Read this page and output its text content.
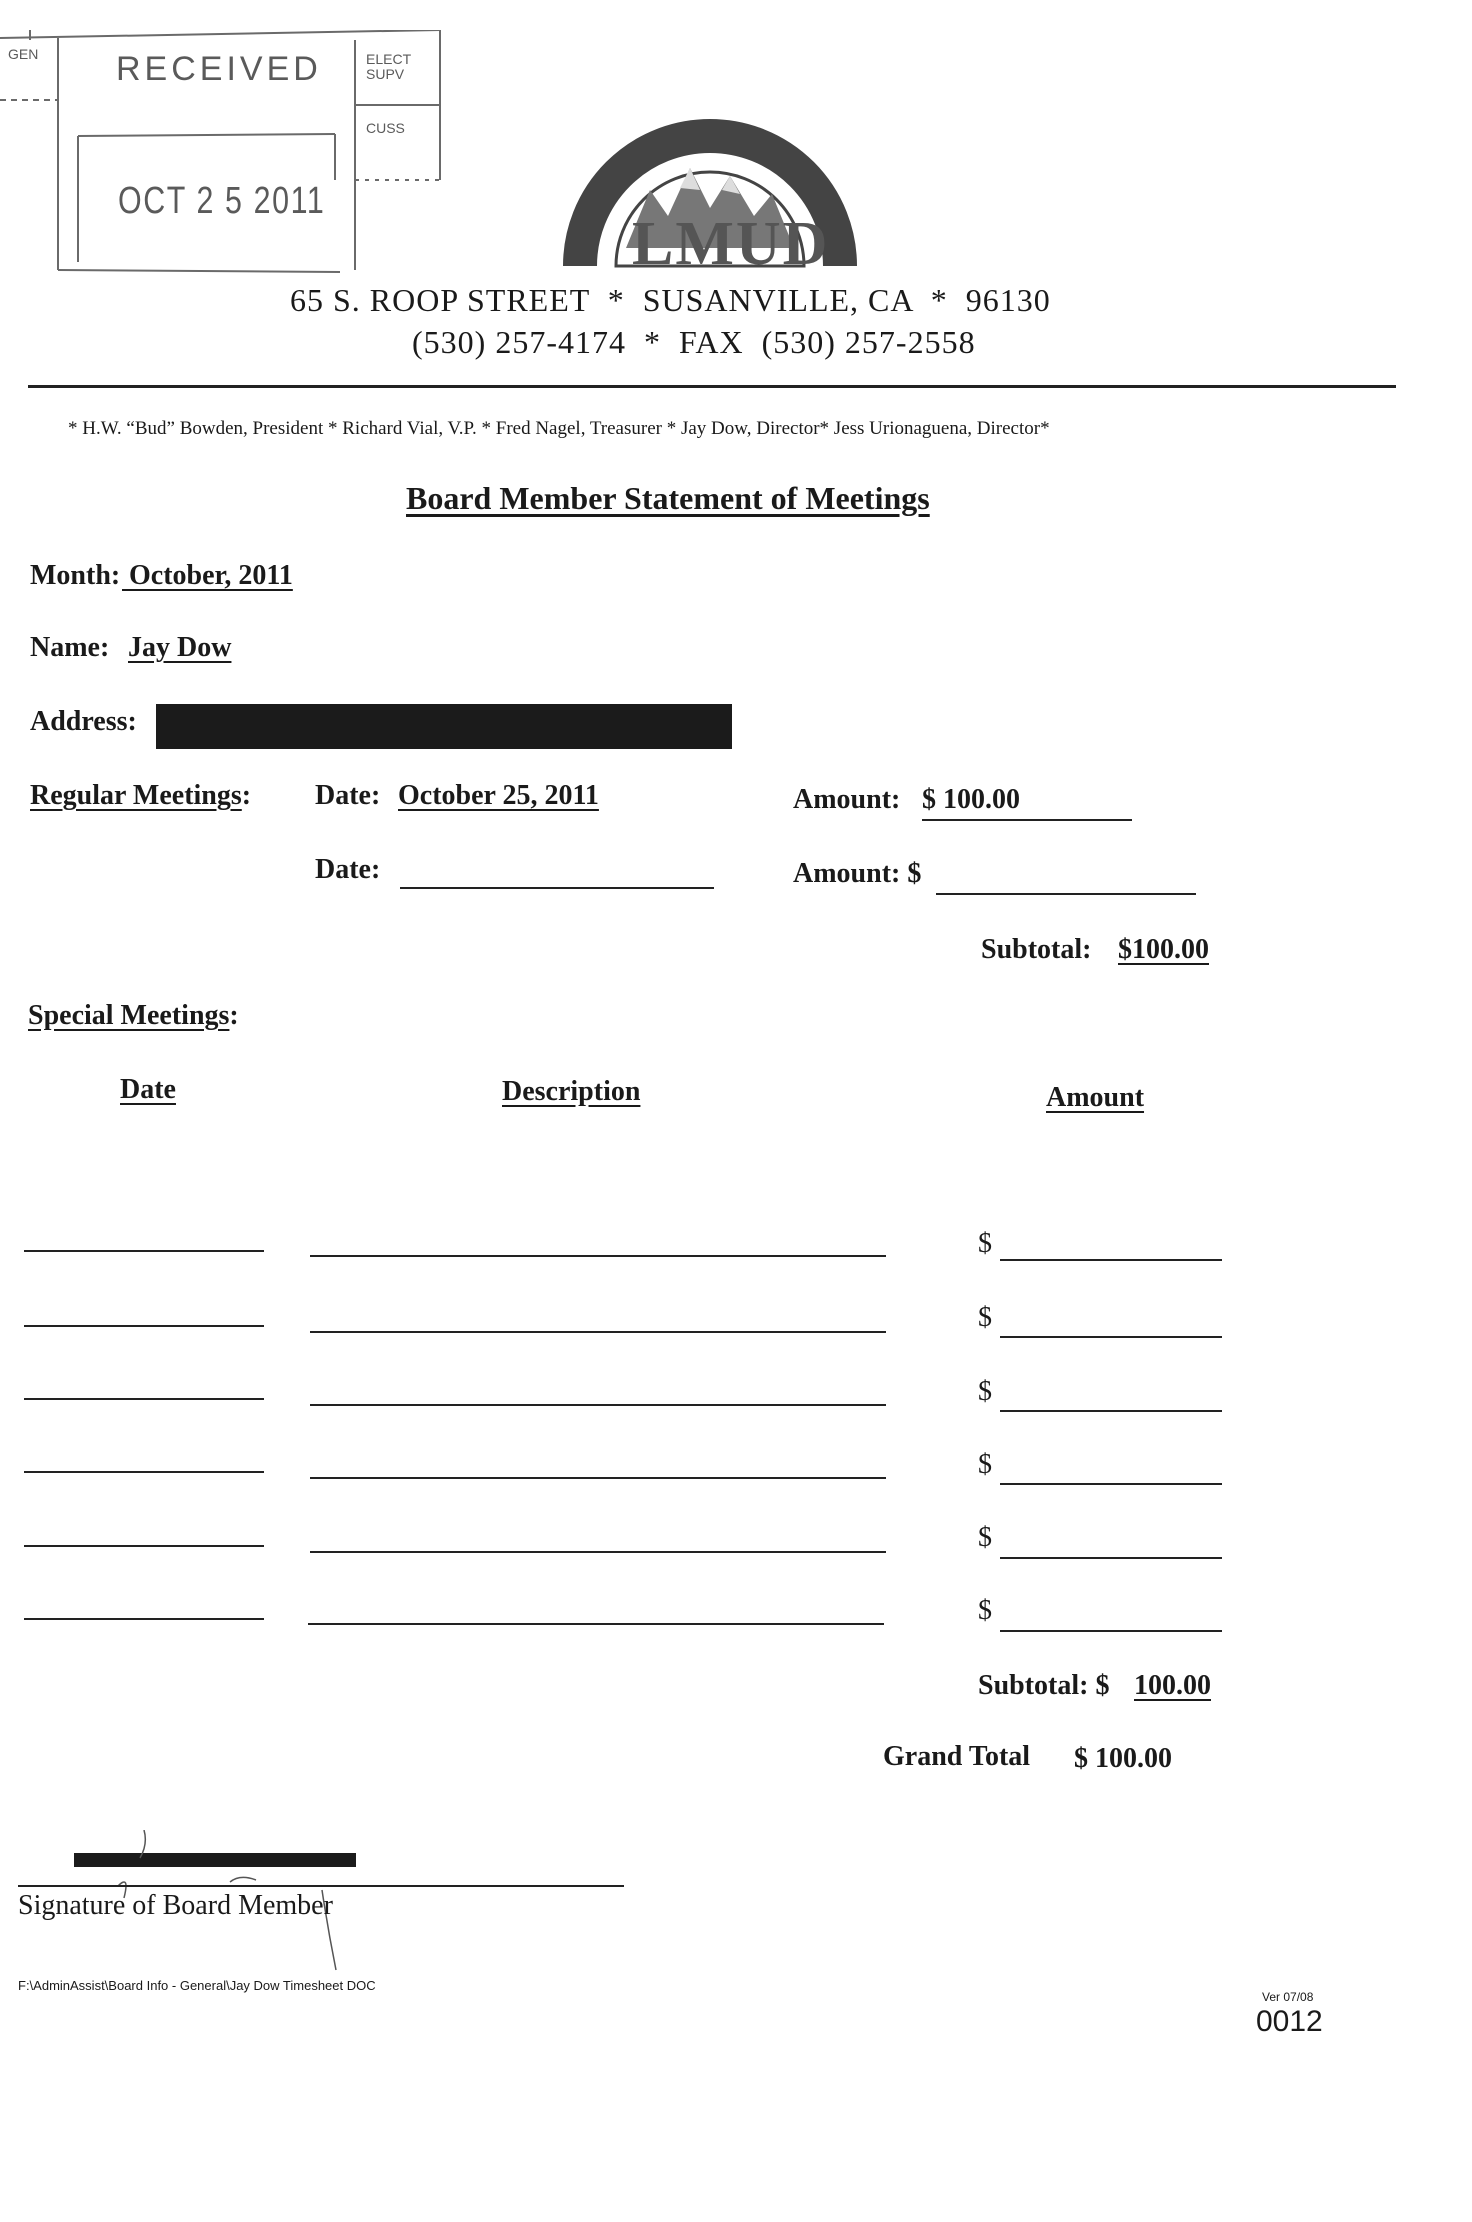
GEN RECEIVED
OCT 2 5 2011
ELECT SUPV
CUSS
LMUD
LASSEN MUNICIPAL UTILITY DISTRICT
65 S. ROOP STREET  *  SUSANVILLE, CA  *  96130
(530) 257-4174  *  FAX  (530) 257-2558
* H.W. “Bud” Bowden, President * Richard Vial, V.P. * Fred Nagel, Treasurer * Jay Dow, Director* Jess Urionaguena, Director*
Board Member Statement of Meetings
Month: October, 2011
Name: Jay Dow
Address:
Regular Meetings: Date: October 25, 2011	Amount: $ 100.00
Date:	Amount: $
Subtotal: $100.00
Special Meetings:
Date	Description	Amount
$
$
$
$
$
$
Subtotal: $ 100.00
Grand Total $ 100.00
Signature of Board Member
F:\AdminAssist\Board Info - General\Jay Dow Timesheet DOC
Ver 07/08
0012
